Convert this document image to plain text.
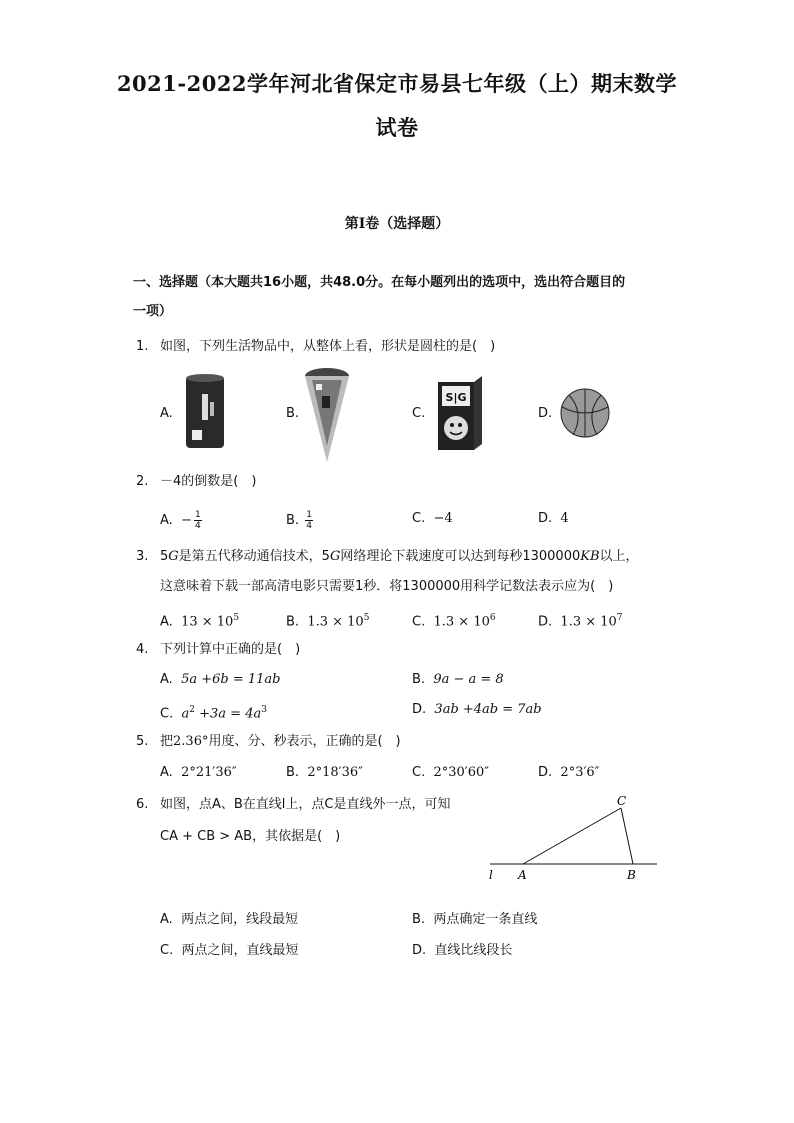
2021-2022学年河北省保定市易县七年级（上）期末数学
试卷
第Ⅰ卷（选择题）
一、选择题（本大题共16小题，共48.0分。在每小题列出的选项中，选出符合题目的
一项）
1. 如图，下列生活物品中，从整体上看，形状是圆柱的是(　)
A.	B.	C.
S|G
D.
2. －4的倒数是(　)
A. − $\frac{1}{4}$	B. $\frac{1}{4}$	C. −4	D. 4
3. 5G是第五代移动通信技术，5G网络理论下载速度可以达到每秒1300000KB以上，
这意味着下载一部高清电影只需要1秒．将1300000用科学记数法表示应为(　)
A. $13 \times 10^5$	B. $1.3 \times 10^5$	C. $1.3 \times 10^6$	D. $1.3 \times 10^7$
4. 下列计算中正确的是(　)
A. 5a +6b = 11ab	B. 9a − a = 8
C. $a^2 +3a = 4a^3$	D. 3ab +4ab = 7ab
5. 把2.36°用度、分、秒表示，正确的是(　)
A. 2°21′36″	B. 2°18′36″	C. 2°30′60″	D. 2°3′6″
6. 如图，点A、B在直线l上，点C是直线外一点，可知
CA + CB > AB，其依据是(　)
C
l A	B
A. 两点之间，线段最短	B. 两点确定一条直线
C. 两点之间，直线最短	D. 直线比线段长
